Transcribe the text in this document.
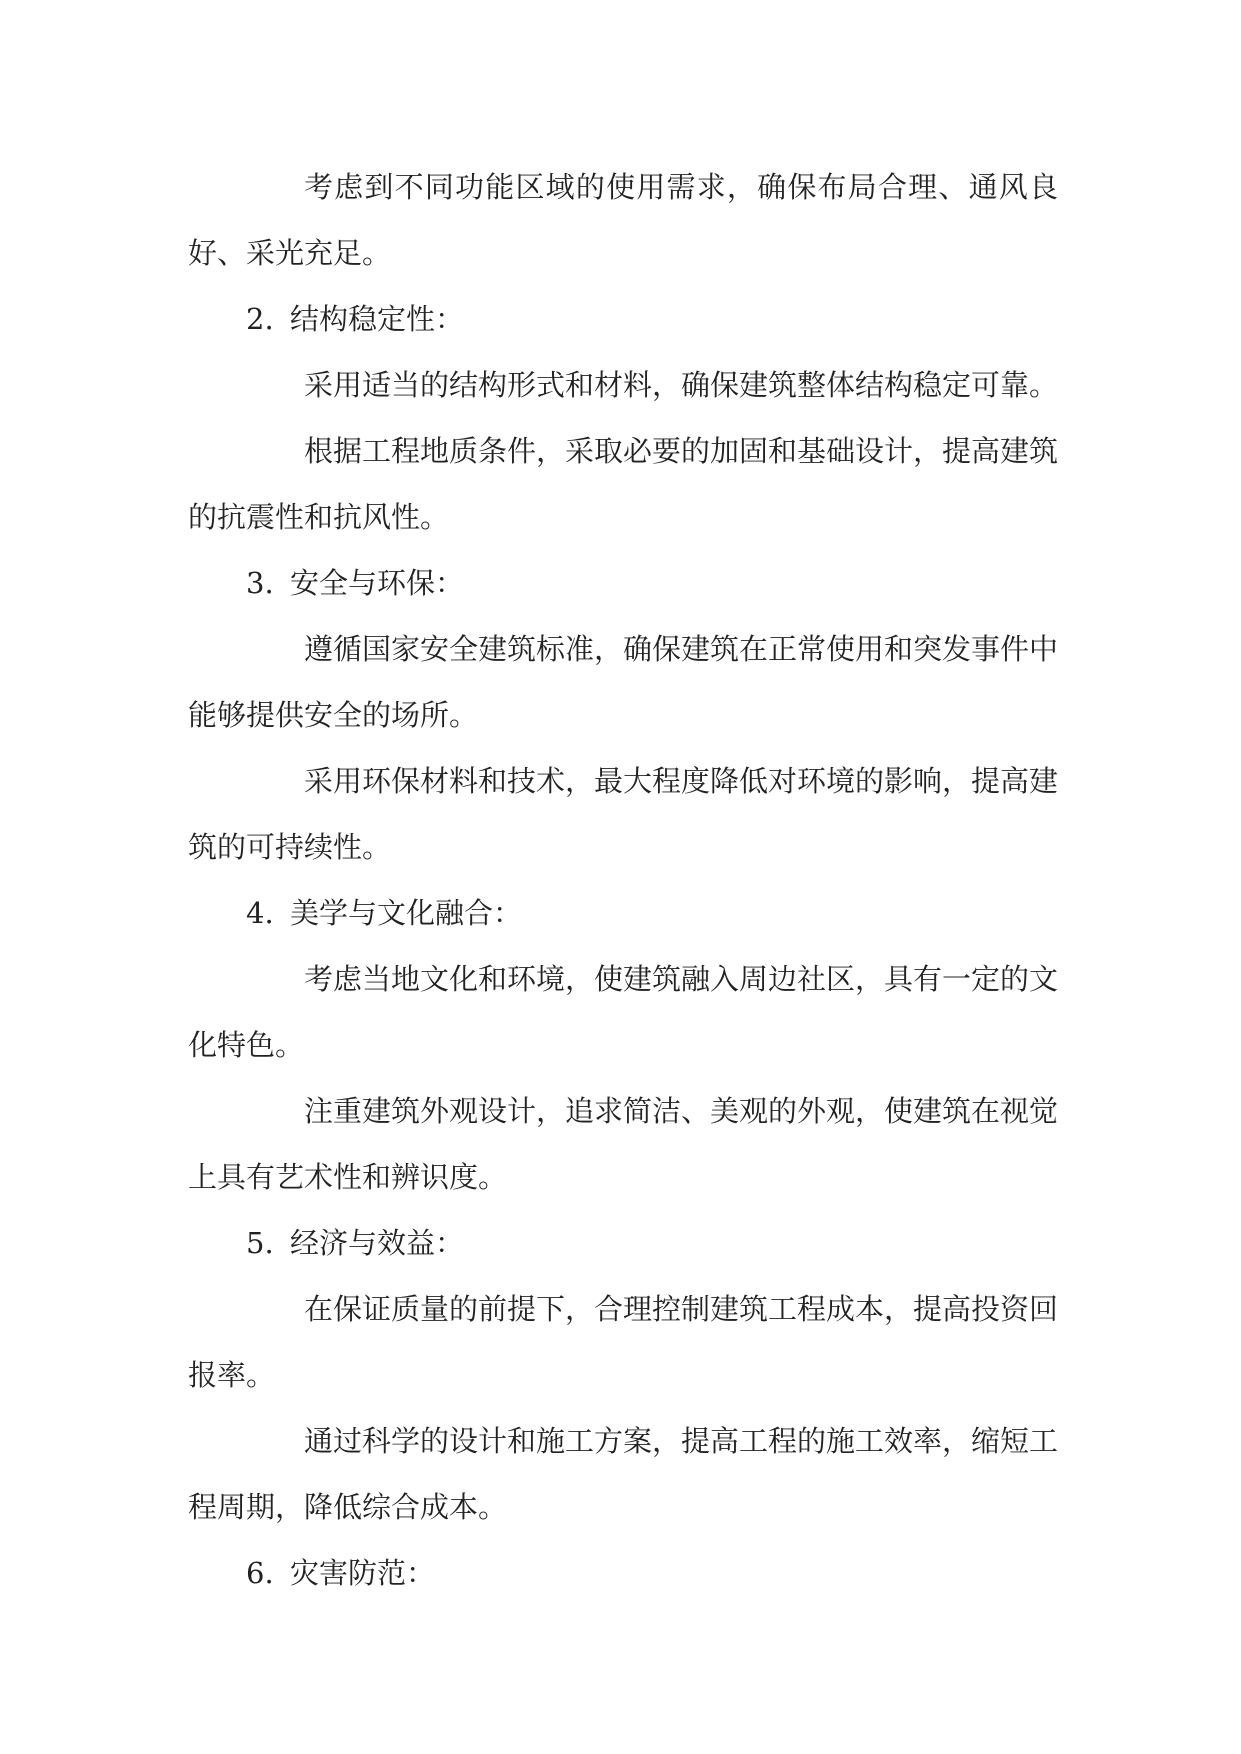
考虑到不同功能区域的使用需求，确保布局合理、通风良好、采光充足。

2. 结构稳定性：

采用适当的结构形式和材料，确保建筑整体结构稳定可靠。

根据工程地质条件，采取必要的加固和基础设计，提高建筑的抗震性和抗风性。

3. 安全与环保：

遵循国家安全建筑标准，确保建筑在正常使用和突发事件中能够提供安全的场所。

采用环保材料和技术，最大程度降低对环境的影响，提高建筑的可持续性。

4. 美学与文化融合：

考虑当地文化和环境，使建筑融入周边社区，具有一定的文化特色。

注重建筑外观设计，追求简洁、美观的外观，使建筑在视觉上具有艺术性和辨识度。

5. 经济与效益：

在保证质量的前提下，合理控制建筑工程成本，提高投资回报率。

通过科学的设计和施工方案，提高工程的施工效率，缩短工程周期，降低综合成本。

6. 灾害防范：
